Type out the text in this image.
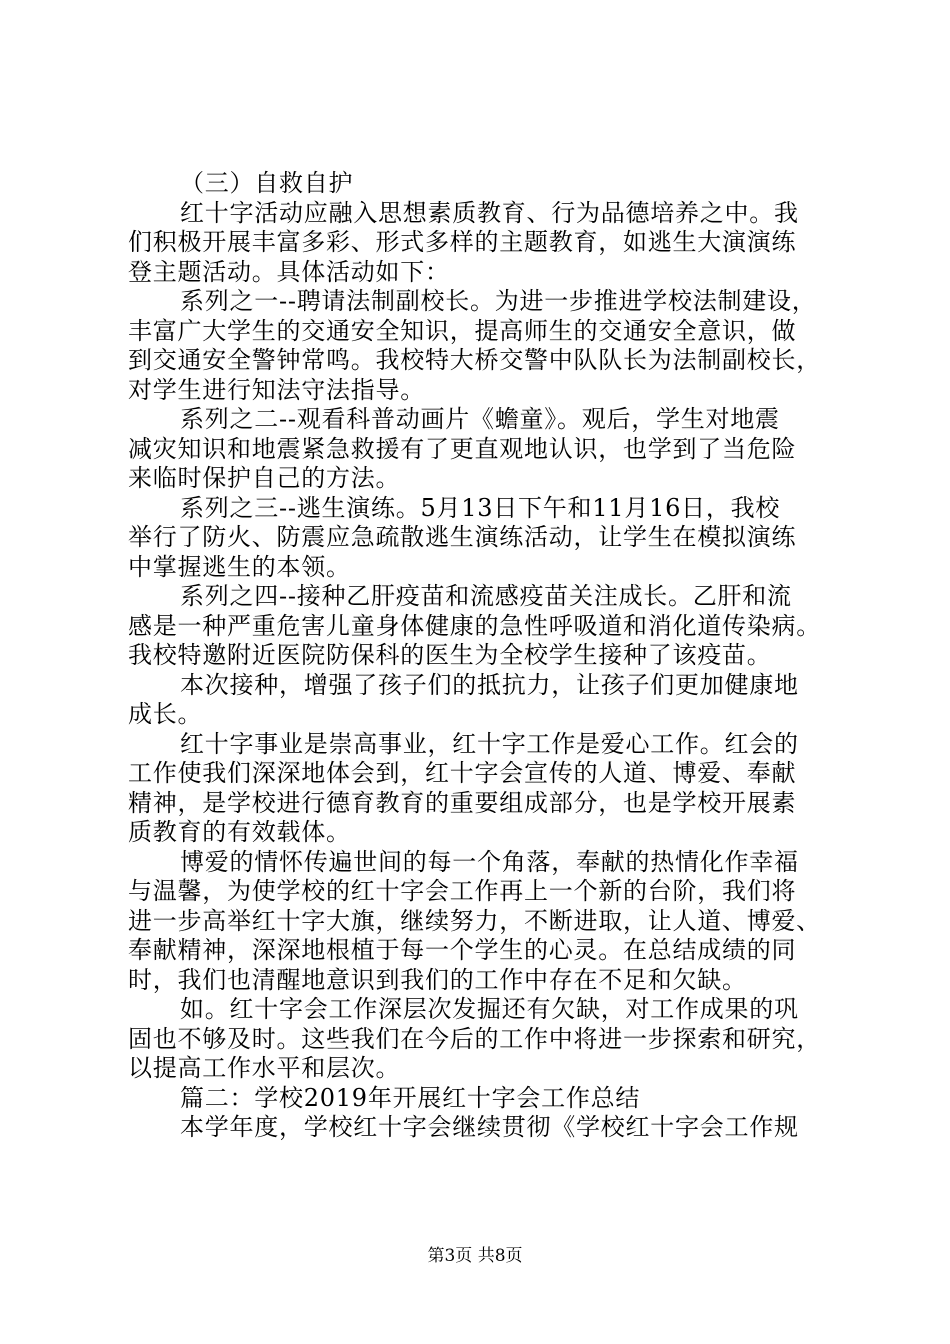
（三）自救自护
红十字活动应融入思想素质教育、行为品德培养之中。我
们积极开展丰富多彩、形式多样的主题教育，如逃生大演演练
登主题活动。具体活动如下：
系列之一--聘请法制副校长。为进一步推进学校法制建设，
丰富广大学生的交通安全知识，提高师生的交通安全意识，做
到交通安全警钟常鸣。我校特大桥交警中队队长为法制副校长，
对学生进行知法守法指导。
系列之二--观看科普动画片《蟾童》。观后，学生对地震
减灾知识和地震紧急救援有了更直观地认识，也学到了当危险
来临时保护自己的方法。
系列之三--逃生演练。5月13日下午和11月16日，我校
举行了防火、防震应急疏散逃生演练活动，让学生在模拟演练
中掌握逃生的本领。
系列之四--接种乙肝疫苗和流感疫苗关注成长。乙肝和流
感是一种严重危害儿童身体健康的急性呼吸道和消化道传染病。
我校特邀附近医院防保科的医生为全校学生接种了该疫苗。
本次接种，增强了孩子们的抵抗力，让孩子们更加健康地
成长。
红十字事业是崇高事业，红十字工作是爱心工作。红会的
工作使我们深深地体会到，红十字会宣传的人道、博爱、奉献
精神，是学校进行德育教育的重要组成部分，也是学校开展素
质教育的有效载体。
博爱的情怀传遍世间的每一个角落，奉献的热情化作幸福
与温馨，为使学校的红十字会工作再上一个新的台阶，我们将
进一步高举红十字大旗，继续努力，不断进取，让人道、博爱、
奉献精神，深深地根植于每一个学生的心灵。在总结成绩的同
时，我们也清醒地意识到我们的工作中存在不足和欠缺。
如。红十字会工作深层次发掘还有欠缺，对工作成果的巩
固也不够及时。这些我们在今后的工作中将进一步探索和研究，
以提高工作水平和层次。
篇二：学校2019年开展红十字会工作总结
本学年度，学校红十字会继续贯彻《学校红十字会工作规
第3页 共8页
